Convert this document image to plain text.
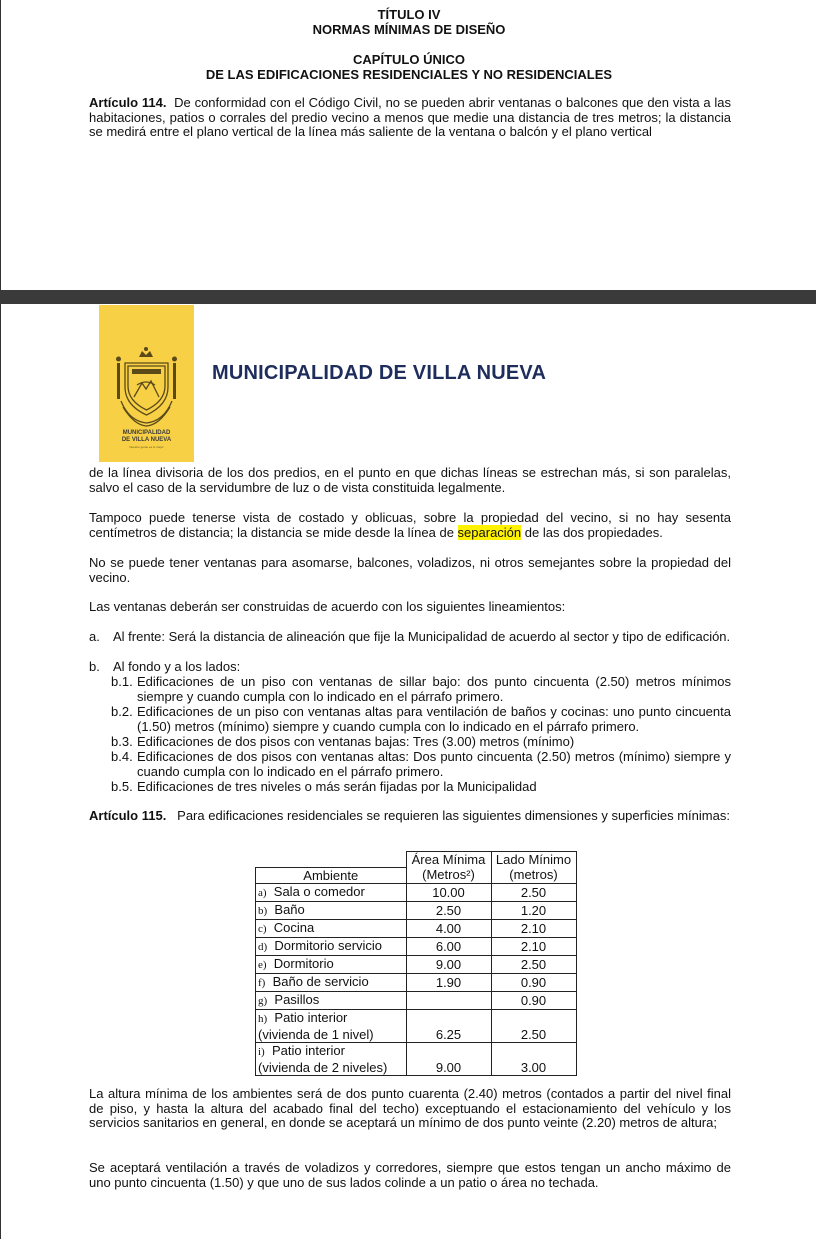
TÍTULO IV
NORMAS MÍNIMAS DE DISEÑO
CAPÍTULO ÚNICO
DE LAS EDIFICACIONES RESIDENCIALES Y NO RESIDENCIALES
Artículo 114. De conformidad con el Código Civil, no se pueden abrir ventanas o balcones que den vista a las habitaciones, patios o corrales del predio vecino a menos que medie una distancia de tres metros; la distancia se medirá entre el plano vertical de la línea más saliente de la ventana o balcón y el plano vertical
MUNICIPALIDAD
DE VILLA NUEVA
Nuestro gente es lo mejor
MUNICIPALIDAD DE VILLA NUEVA
de la línea divisoria de los dos predios, en el punto en que dichas líneas se estrechan más, si son paralelas, salvo el caso de la servidumbre de luz o de vista constituida legalmente.
Tampoco puede tenerse vista de costado y oblicuas, sobre la propiedad del vecino, si no hay sesenta centímetros de distancia; la distancia se mide desde la línea de separación de las dos propiedades.
No se puede tener ventanas para asomarse, balcones, voladizos, ni otros semejantes sobre la propiedad del vecino.
Las ventanas deberán ser construidas de acuerdo con los siguientes lineamientos:
a.	Al frente: Será la distancia de alineación que fije la Municipalidad de acuerdo al sector y tipo de edificación.
b.	Al fondo y a los lados:
b.1. Edificaciones de un piso con ventanas de sillar bajo: dos punto cincuenta (2.50) metros mínimos siempre y cuando cumpla con lo indicado en el párrafo primero.
b.2. Edificaciones de un piso con ventanas altas para ventilación de baños y cocinas: uno punto cincuenta (1.50) metros (mínimo) siempre y cuando cumpla con lo indicado en el párrafo primero.
b.3. Edificaciones de dos pisos con ventanas bajas: Tres (3.00) metros (mínimo)
b.4. Edificaciones de dos pisos con ventanas altas: Dos punto cincuenta (2.50) metros (mínimo) siempre y cuando cumpla con lo indicado en el párrafo primero.
b.5. Edificaciones de tres niveles o más serán fijadas por la Municipalidad
Artículo 115. Para edificaciones residenciales se requieren las siguientes dimensiones y superficies mínimas:
	Área Mínima	Lado Mínimo
Ambiente	(Metros²)	(metros)
a) Sala o comedor	10.00	2.50
b) Baño	2.50	1.20
c) Cocina	4.00	2.10
d) Dormitorio servicio	6.00	2.10
e) Dormitorio	9.00	2.50
f) Baño de servicio	1.90	0.90
g) Pasillos		0.90
h) Patio interior
(vivienda de 1 nivel)	6.25	2.50
i) Patio interior
(vivienda de 2 niveles)	9.00	3.00
La altura mínima de los ambientes será de dos punto cuarenta (2.40) metros (contados a partir del nivel final de piso, y hasta la altura del acabado final del techo) exceptuando el estacionamiento del vehículo y los servicios sanitarios en general, en donde se aceptará un mínimo de dos punto veinte (2.20) metros de altura;
Se aceptará ventilación a través de voladizos y corredores, siempre que estos tengan un ancho máximo de uno punto cincuenta (1.50) y que uno de sus lados colinde a un patio o área no techada.
